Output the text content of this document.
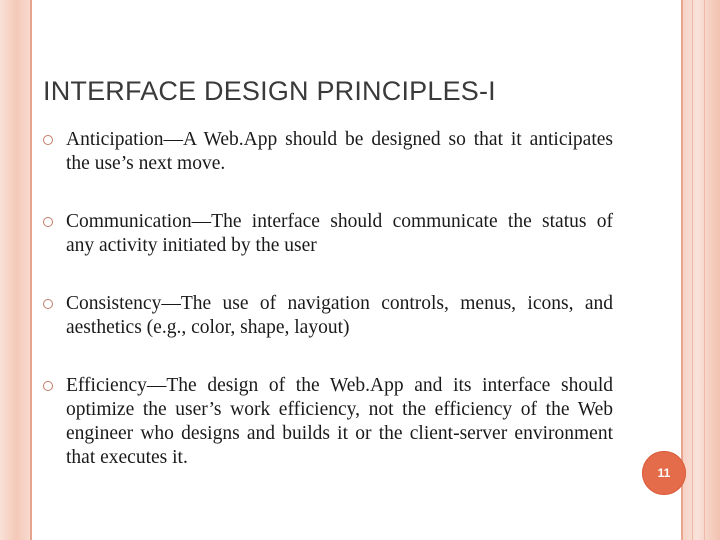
INTERFACE DESIGN PRINCIPLES-I
Anticipation—A Web.App should be designed so that it anticipates the use’s next move.
Communication—The interface should communicate the status of any activity initiated by the user
Consistency—The use of navigation controls, menus, icons, and aesthetics (e.g., color, shape, layout)
Efficiency—The design of the Web.App and its interface should optimize the user’s work efficiency, not the efficiency of the Web engineer who designs and builds it or the client-server environment that executes it.
11
